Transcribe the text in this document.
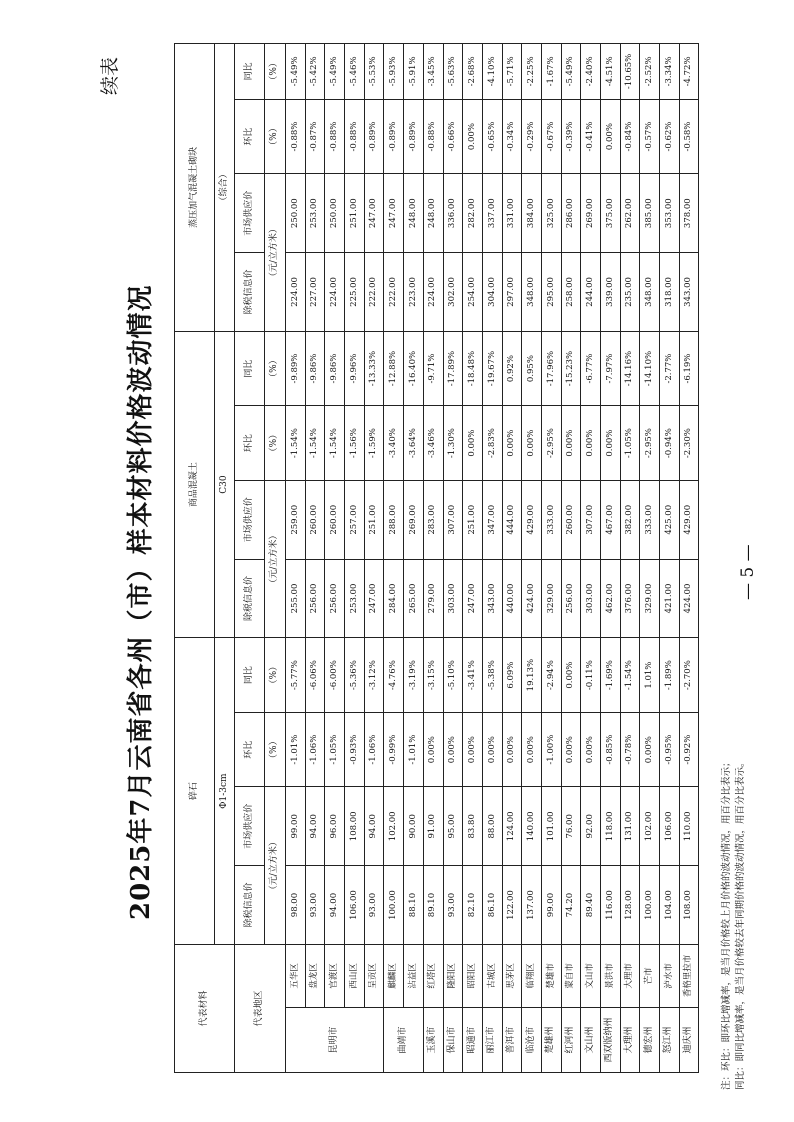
续表
2025年7月云南省各州（市）样本材料价格波动情况	— 5 —
注：环比：即环比增减率，是当月价格较上月价格的波动情况，用百分比表示； 同比：即同比增减率，是当月价格较去年同期价格的波动情况，用百分比表示。
代表材料		碎石				商品混凝土				蒸压加气混凝土砌块			
		Φ1-3cm				C30				（综合）			
代表地区		除税信息价	市场供应价	环比	同比	除税信息价	市场供应价	环比	同比	除税信息价	市场供应价	环比	同比
		（元/立方米）		（%）	（%）	（元/立方米）		（%）	（%）	（元/立方米）		（%）	（%）
昆明市	五华区	98.00	99.00	-1.01%	-5.77%	255.00	259.00	-1.54%	-9.89%	224.00	250.00	-0.88%	-5.49%
	盘龙区	93.00	94.00	-1.06%	-6.06%	256.00	260.00	-1.54%	-9.86%	227.00	253.00	-0.87%	-5.42%
	官渡区	94.00	96.00	-1.05%	-6.00%	256.00	260.00	-1.54%	-9.86%	224.00	250.00	-0.88%	-5.49%
	西山区	106.00	108.00	-0.93%	-5.36%	253.00	257.00	-1.56%	-9.96%	225.00	251.00	-0.88%	-5.46%
	呈贡区	93.00	94.00	-1.06%	-3.12%	247.00	251.00	-1.59%	-13.33%	222.00	247.00	-0.89%	-5.53%
曲靖市	麒麟区	100.00	102.00	-0.99%	-4.76%	284.00	288.00	-3.40%	-12.88%	222.00	247.00	-0.89%	-5.93%
	沾益区	88.10	90.00	-1.01%	-3.19%	265.00	269.00	-3.64%	-16.40%	223.00	248.00	-0.89%	-5.91%
玉溪市	红塔区	89.10	91.00	0.00%	-3.15%	279.00	283.00	-3.46%	-9.71%	224.00	248.00	-0.88%	-3.45%
保山市	隆阳区	93.00	95.00	0.00%	-5.10%	303.00	307.00	-1.30%	-17.89%	302.00	336.00	-0.66%	-5.63%
昭通市	昭阳区	82.10	83.80	0.00%	-3.41%	247.00	251.00	0.00%	-18.48%	254.00	282.00	0.00%	-2.68%
丽江市	古城区	86.10	88.00	0.00%	-5.38%	343.00	347.00	-2.83%	-19.67%	304.00	337.00	-0.65%	-4.10%
普洱市	思茅区	122.00	124.00	0.00%	6.09%	440.00	444.00	0.00%	0.92%	297.00	331.00	-0.34%	-5.71%
临沧市	临翔区	137.00	140.00	0.00%	19.13%	424.00	429.00	0.00%	0.95%	348.00	384.00	-0.29%	-2.25%
楚雄州	楚雄市	99.00	101.00	-1.00%	-2.94%	329.00	333.00	-2.95%	-17.96%	295.00	325.00	-0.67%	-1.67%
红河州	蒙自市	74.20	76.00	0.00%	0.00%	256.00	260.00	0.00%	-15.23%	258.00	286.00	-0.39%	-5.49%
文山州	文山市	89.40	92.00	0.00%	-0.11%	303.00	307.00	0.00%	-6.77%	244.00	269.00	-0.41%	-2.40%
西双版纳州	景洪市	116.00	118.00	-0.85%	-1.69%	462.00	467.00	0.00%	-7.97%	339.00	375.00	0.00%	-4.51%
大理州	大理市	128.00	131.00	-0.78%	-1.54%	376.00	382.00	-1.05%	-14.16%	235.00	262.00	-0.84%	-10.65%
德宏州	芒市	100.00	102.00	0.00%	1.01%	329.00	333.00	-2.95%	-14.10%	348.00	385.00	-0.57%	-2.52%
怒江州	泸水市	104.00	106.00	-0.95%	-1.89%	421.00	425.00	-0.94%	-2.77%	318.00	353.00	-0.62%	-3.34%
迪庆州	香格里拉市	108.00	110.00	-0.92%	-2.70%	424.00	429.00	-2.30%	-6.19%	343.00	378.00	-0.58%	-4.72%
